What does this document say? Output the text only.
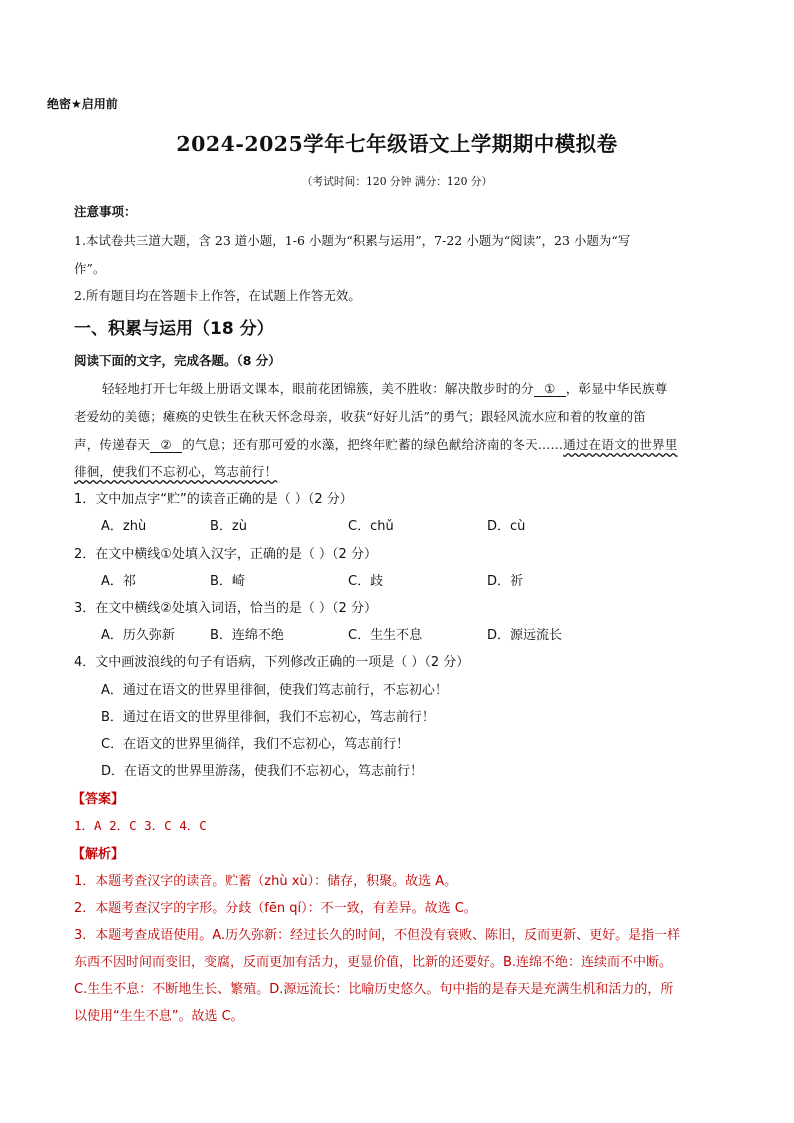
绝密★启用前
2024-2025学年七年级语文上学期期中模拟卷
（考试时间：120 分钟 满分：120 分）
注意事项：
1.本试卷共三道大题，含 23 道小题，1-6 小题为“积累与运用”，7-22 小题为“阅读”，23 小题为“写
作”。
2.所有题目均在答题卡上作答，在试题上作答无效。
一、积累与运用（18 分）
阅读下面的文字，完成各题。（8 分）
轻轻地打开七年级上册语文课本，眼前花团锦簇，美不胜收：解决散步时的分 ① ，彰显中华民族尊
老爱幼的美德；瘫痪的史铁生在秋天怀念母亲，收获“好好儿活”的勇气；跟轻风流水应和着的牧童的笛
声，传递春天 ② 的气息；还有那可爱的水藻，把终年贮蓄的绿色献给济南的冬天……通过在语文的世界里
徘徊，使我们不忘初心，笃志前行！
1．文中加点字“贮”的读音正确的是（ ）（2 分）
A．zhù	B．zù	C．chǔ	D．cù
2．在文中横线①处填入汉字，正确的是（ ）（2 分）
A．祁	B．崎	C．歧	D．祈
3．在文中横线②处填入词语，恰当的是（ ）（2 分）
A．历久弥新	B．连绵不绝	C．生生不息	D．源远流长
4．文中画波浪线的句子有语病，下列修改正确的一项是（ ）（2 分）
A．通过在语文的世界里徘徊，使我们笃志前行，不忘初心！
B．通过在语文的世界里徘徊，我们不忘初心，笃志前行！
C．在语文的世界里徜徉，我们不忘初心，笃志前行！
D．在语文的世界里游荡，使我们不忘初心，笃志前行！
【答案】
1．A 2．C 3．C 4．C
【解析】
1．本题考查汉字的读音。贮蓄（zhù xù）：储存，积聚。故选 A。
2．本题考查汉字的字形。分歧（fēn qí）：不一致，有差异。故选 C。
3．本题考查成语使用。A.历久弥新：经过长久的时间，不但没有衰败、陈旧，反而更新、更好。是指一样
东西不因时间而变旧，变腐，反而更加有活力，更显价值，比新的还要好。B.连绵不绝：连续而不中断。
C.生生不息：不断地生长、繁殖。D.源远流长：比喻历史悠久。句中指的是春天是充满生机和活力的，所
以使用“生生不息”。故选 C。
